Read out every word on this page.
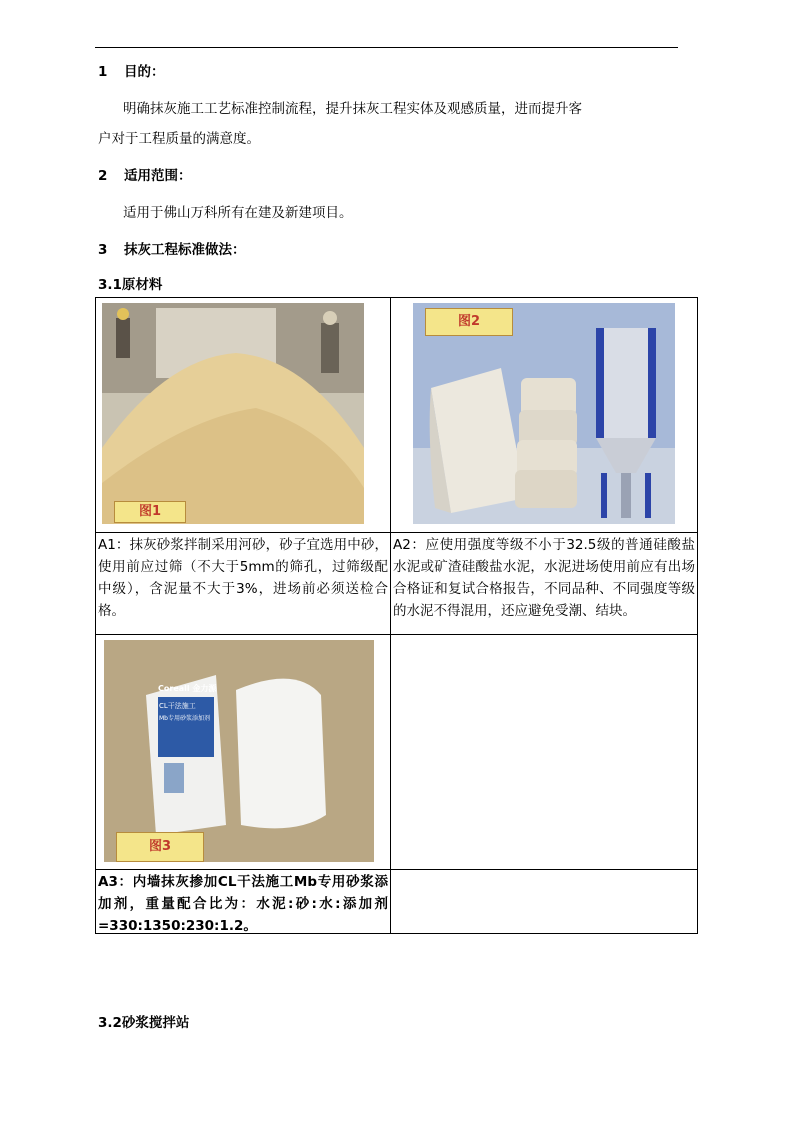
1 目的：
明确抹灰施工工艺标准控制流程，提升抹灰工程实体及观感质量，进而提升客
户对于工程质量的满意度。
2 适用范围：
适用于佛山万科所有在建及新建项目。
3 抹灰工程标准做法：
3.1原材料
图1	图2

A1：抹灰砂浆拌制采用河砂，砂子宜选用中砂，使用前应过筛（不大于5mm的筛孔，过筛级配中级），含泥量不大于3%，进场前必须送检合格。	A2：应使用强度等级不小于32.5级的普通硅酸盐水泥或矿渣硅酸盐水泥，水泥进场使用前应有出场合格证和复试合格报告，不同品种、不同强度等级的水泥不得混用，还应避免受潮、结块。

Coreall 金力源
CL干法施工
Mb专用砂浆添加剂
图3	

A3：内墙抹灰掺加CL干法施工Mb专用砂浆添加剂，重量配合比为：水泥:砂:水:添加剂=330:1350:230:1.2。	

3.2砂浆搅拌站
